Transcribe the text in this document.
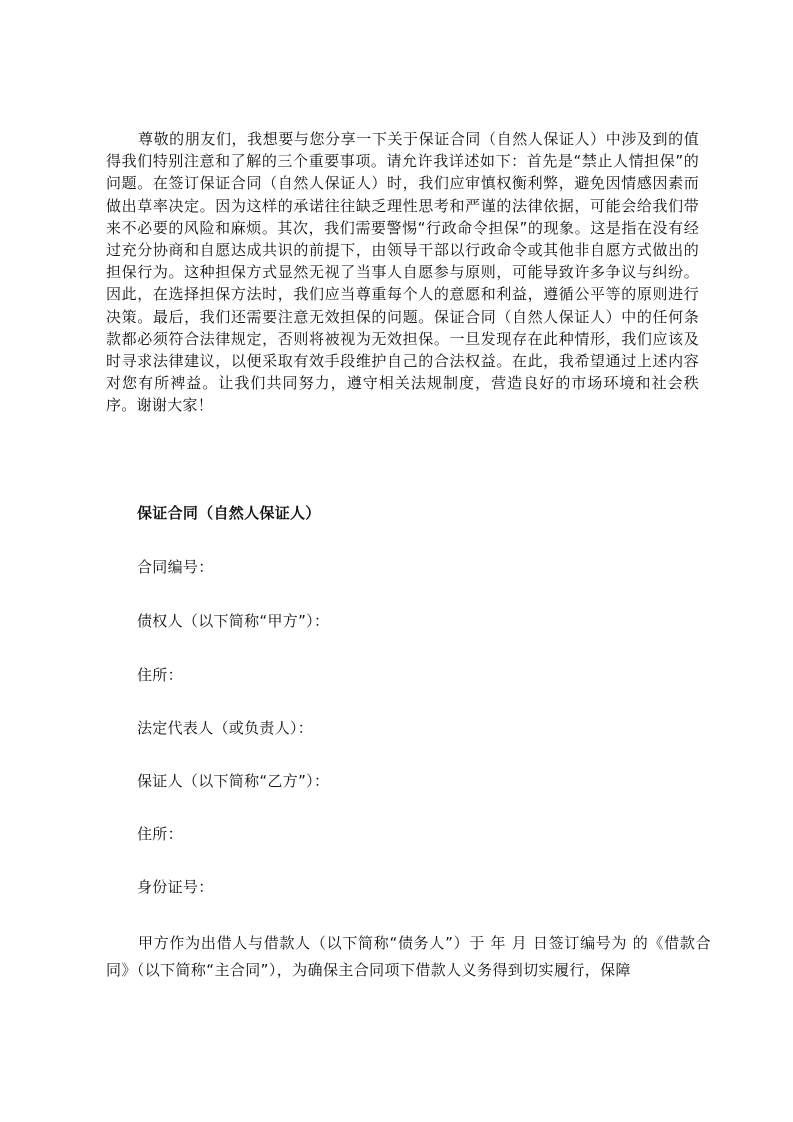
尊敬的朋友们，我想要与您分享一下关于保证合同（自然人保证人）中涉及到的值得我们特别注意和了解的三个重要事项。请允许我详述如下：首先是“禁止人情担保”的问题。在签订保证合同（自然人保证人）时，我们应审慎权衡利弊，避免因情感因素而做出草率决定。因为这样的承诺往往缺乏理性思考和严谨的法律依据，可能会给我们带来不必要的风险和麻烦。其次，我们需要警惕“行政命令担保”的现象。这是指在没有经过充分协商和自愿达成共识的前提下，由领导干部以行政命令或其他非自愿方式做出的担保行为。这种担保方式显然无视了当事人自愿参与原则，可能导致许多争议与纠纷。因此，在选择担保方法时，我们应当尊重每个人的意愿和利益，遵循公平等的原则进行决策。最后，我们还需要注意无效担保的问题。保证合同（自然人保证人）中的任何条款都必须符合法律规定，否则将被视为无效担保。一旦发现存在此种情形，我们应该及时寻求法律建议，以便采取有效手段维护自己的合法权益。在此，我希望通过上述内容对您有所裨益。让我们共同努力，遵守相关法规制度，营造良好的市场环境和社会秩序。谢谢大家！
保证合同（自然人保证人）
合同编号：
债权人（以下简称“甲方”）：
住所：
法定代表人（或负责人）：
保证人（以下简称“乙方”）：
住所：
身份证号：
甲方作为出借人与借款人（以下简称“债务人”）于 年 月 日签订编号为 的《借款合同》（以下简称“主合同”），为确保主合同项下借款人义务得到切实履行，保障
